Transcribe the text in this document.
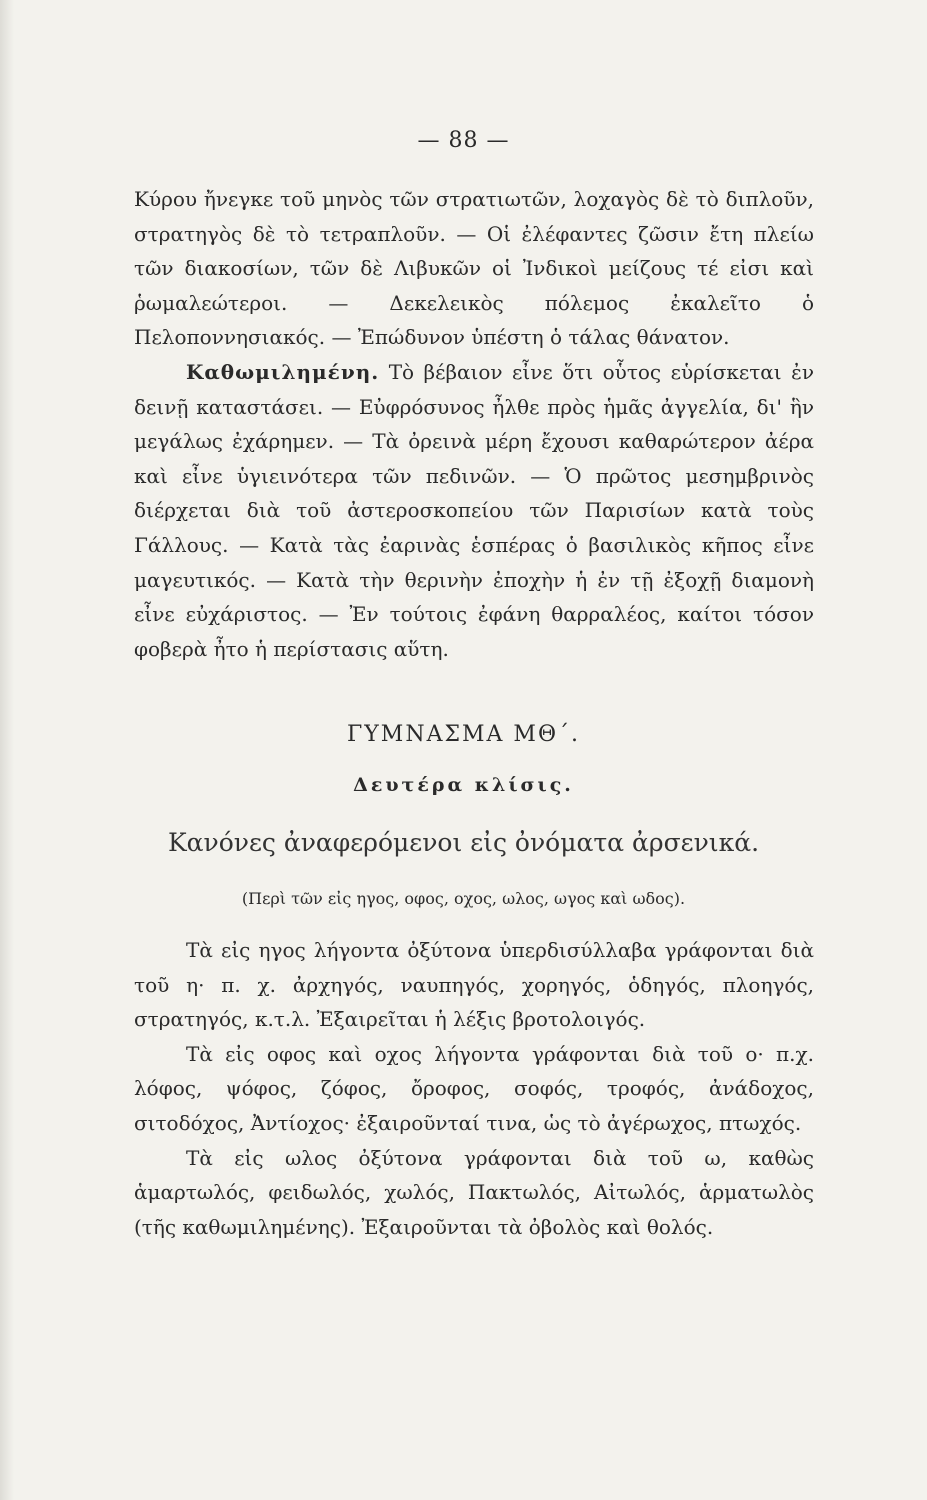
— 88 —

Κύρου ἤνεγκε τοῦ μηνὸς τῶν στρατιωτῶν, λοχαγὸς δὲ τὸ διπλοῦν, στρατηγὸς δὲ τὸ τετραπλοῦν. — Οἱ ἐλέφαντες ζῶσιν ἔτη πλείω τῶν διακοσίων, τῶν δὲ Λιβυκῶν οἱ Ἰνδικοὶ μείζους τέ εἰσι καὶ ῥωμαλεώτεροι. — Δεκελεικὸς πόλεμος ἐκαλεῖτο ὁ Πελοποννησιακός. — Ἐπώδυνον ὑπέστη ὁ τάλας θάνατον.

Καθωμιλημένη. Τὸ βέβαιον εἶνε ὅτι οὗτος εὑρίσκεται ἐν δεινῇ καταστάσει. — Εὐφρόσυνος ἦλθε πρὸς ἡμᾶς ἀγγελία, δι' ἣν μεγάλως ἐχάρημεν. — Τὰ ὀρεινὰ μέρη ἔχουσι καθαρώτερον ἀέρα καὶ εἶνε ὑγιεινότερα τῶν πεδινῶν. — Ὁ πρῶτος μεσημβρινὸς διέρχεται διὰ τοῦ ἀστεροσκοπείου τῶν Παρισίων κατὰ τοὺς Γάλλους. — Κατὰ τὰς ἐαρινὰς ἑσπέρας ὁ βασιλικὸς κῆπος εἶνε μαγευτικός. — Κατὰ τὴν θερινὴν ἐποχὴν ἡ ἐν τῇ ἐξοχῇ διαμονὴ εἶνε εὐχάριστος. — Ἐν τούτοις ἐφάνη θαρραλέος, καίτοι τόσον φοβερὰ ἦτο ἡ περίστασις αὕτη.

ΓΥΜΝΑΣΜΑ ΜΘ΄.
Δευτέρα κλίσις.
Κανόνες ἀναφερόμενοι εἰς ὀνόματα ἀρσενικά.
(Περὶ τῶν εἰς ηγος, οφος, οχος, ωλος, ωγος καὶ ωδος).

Τὰ εἰς ηγος λήγοντα ὀξύτονα ὑπερδισύλλαβα γράφονται διὰ τοῦ η· π. χ. ἀρχηγός, ναυπηγός, χορηγός, ὁδηγός, πλοηγός, στρατηγός, κ.τ.λ. Ἐξαιρεῖται ἡ λέξις βροτολοιγός.

Τὰ εἰς οφος καὶ οχος λήγοντα γράφονται διὰ τοῦ ο· π.χ. λόφος, ψόφος, ζόφος, ὄροφος, σοφός, τροφός, ἀνάδοχος, σιτοδόχος, Ἀντίοχος· ἐξαιροῦνταί τινα, ὡς τὸ ἀγέρωχος, πτωχός.

Τὰ εἰς ωλος ὀξύτονα γράφονται διὰ τοῦ ω, καθὼς ἁμαρτωλός, φειδωλός, χωλός, Πακτωλός, Αἰτωλός, ἁρματωλὸς (τῆς καθωμιλημένης). Ἐξαιροῦνται τὰ ὀβολὸς καὶ θολός.
